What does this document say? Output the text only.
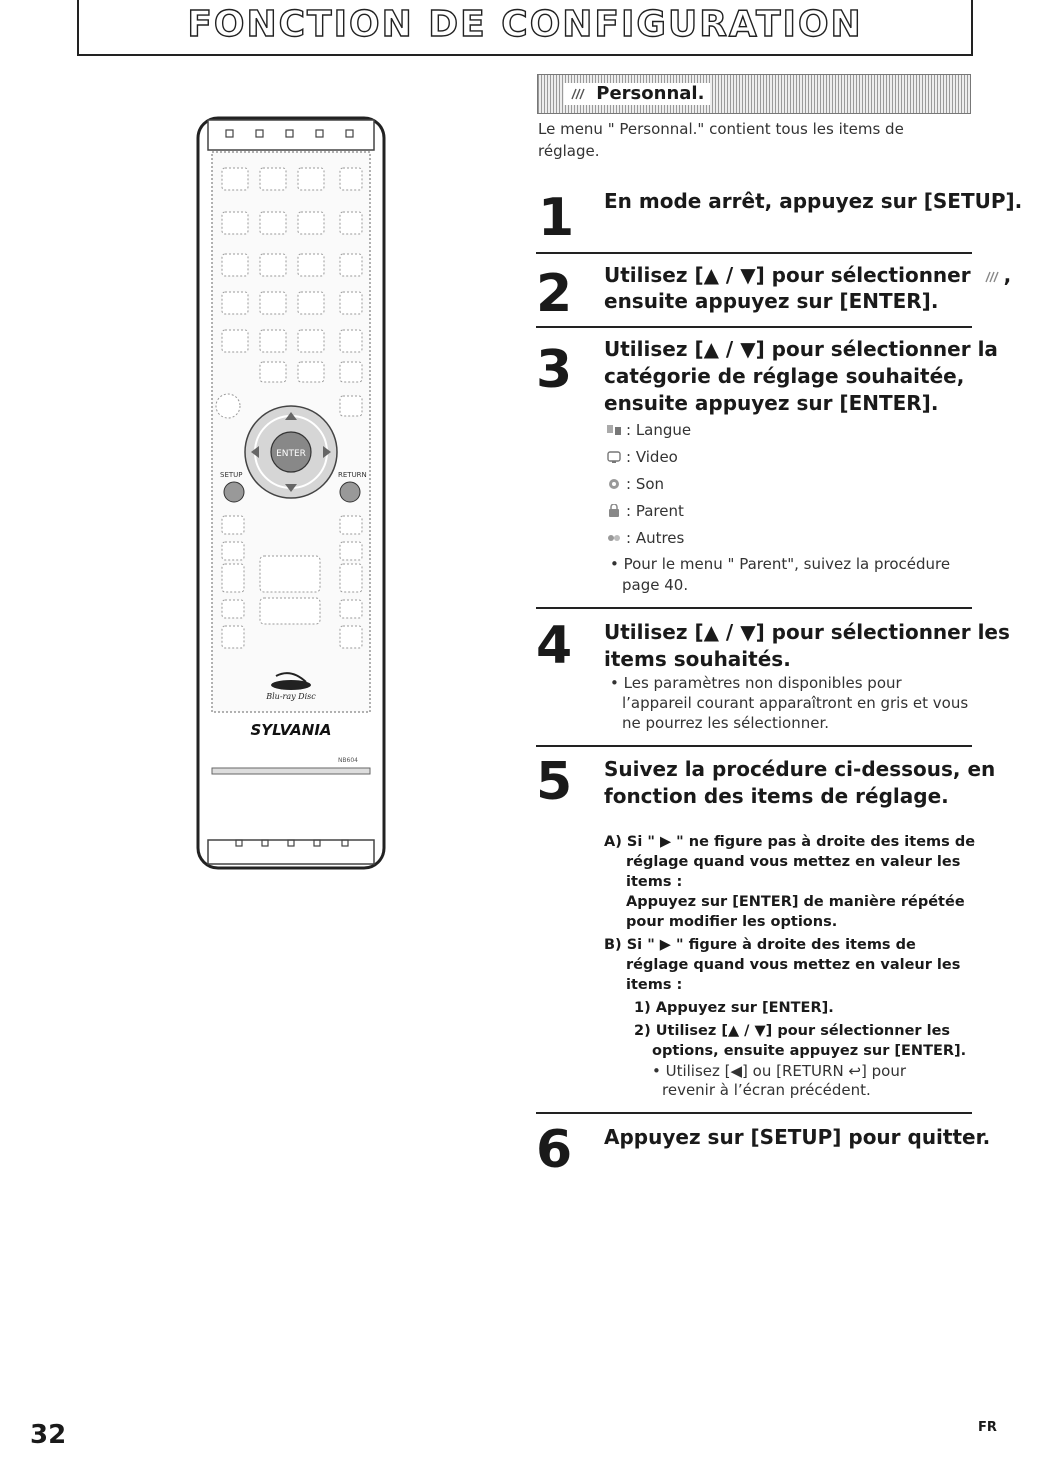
FONCTION DE CONFIGURATION
ENTER
SETUP	RETURN
Blu-ray Disc
SYLVANIA
NB604
Personnal.
Le menu " Personnal." contient tous les items de réglage.
1 En mode arrêt, appuyez sur [SETUP].
2 Utilisez [▲ / ▼] pour sélectionner ,
ensuite appuyez sur [ENTER].
3 Utilisez [▲ / ▼] pour sélectionner la
catégorie de réglage souhaitée,
ensuite appuyez sur [ENTER].
: Langue
: Video
: Son
: Parent
: Autres
• Pour le menu " Parent", suivez la procédure
page 40.
4 Utilisez [▲ / ▼] pour sélectionner les
items souhaités.
• Les paramètres non disponibles pour
l’appareil courant apparaîtront en gris et vous
ne pourrez les sélectionner.
5 Suivez la procédure ci-dessous, en
fonction des items de réglage.
A) Si " ▶ " ne figure pas à droite des items de
réglage quand vous mettez en valeur les
items :
Appuyez sur [ENTER] de manière répétée
pour modifier les options.
B) Si " ▶ " figure à droite des items de
réglage quand vous mettez en valeur les
items :
1) Appuyez sur [ENTER].
2) Utilisez [▲ / ▼] pour sélectionner les
options, ensuite appuyez sur [ENTER].
• Utilisez [◀] ou [RETURN ↩] pour
revenir à l’écran précédent.
6 Appuyez sur [SETUP] pour quitter.
32	FR
